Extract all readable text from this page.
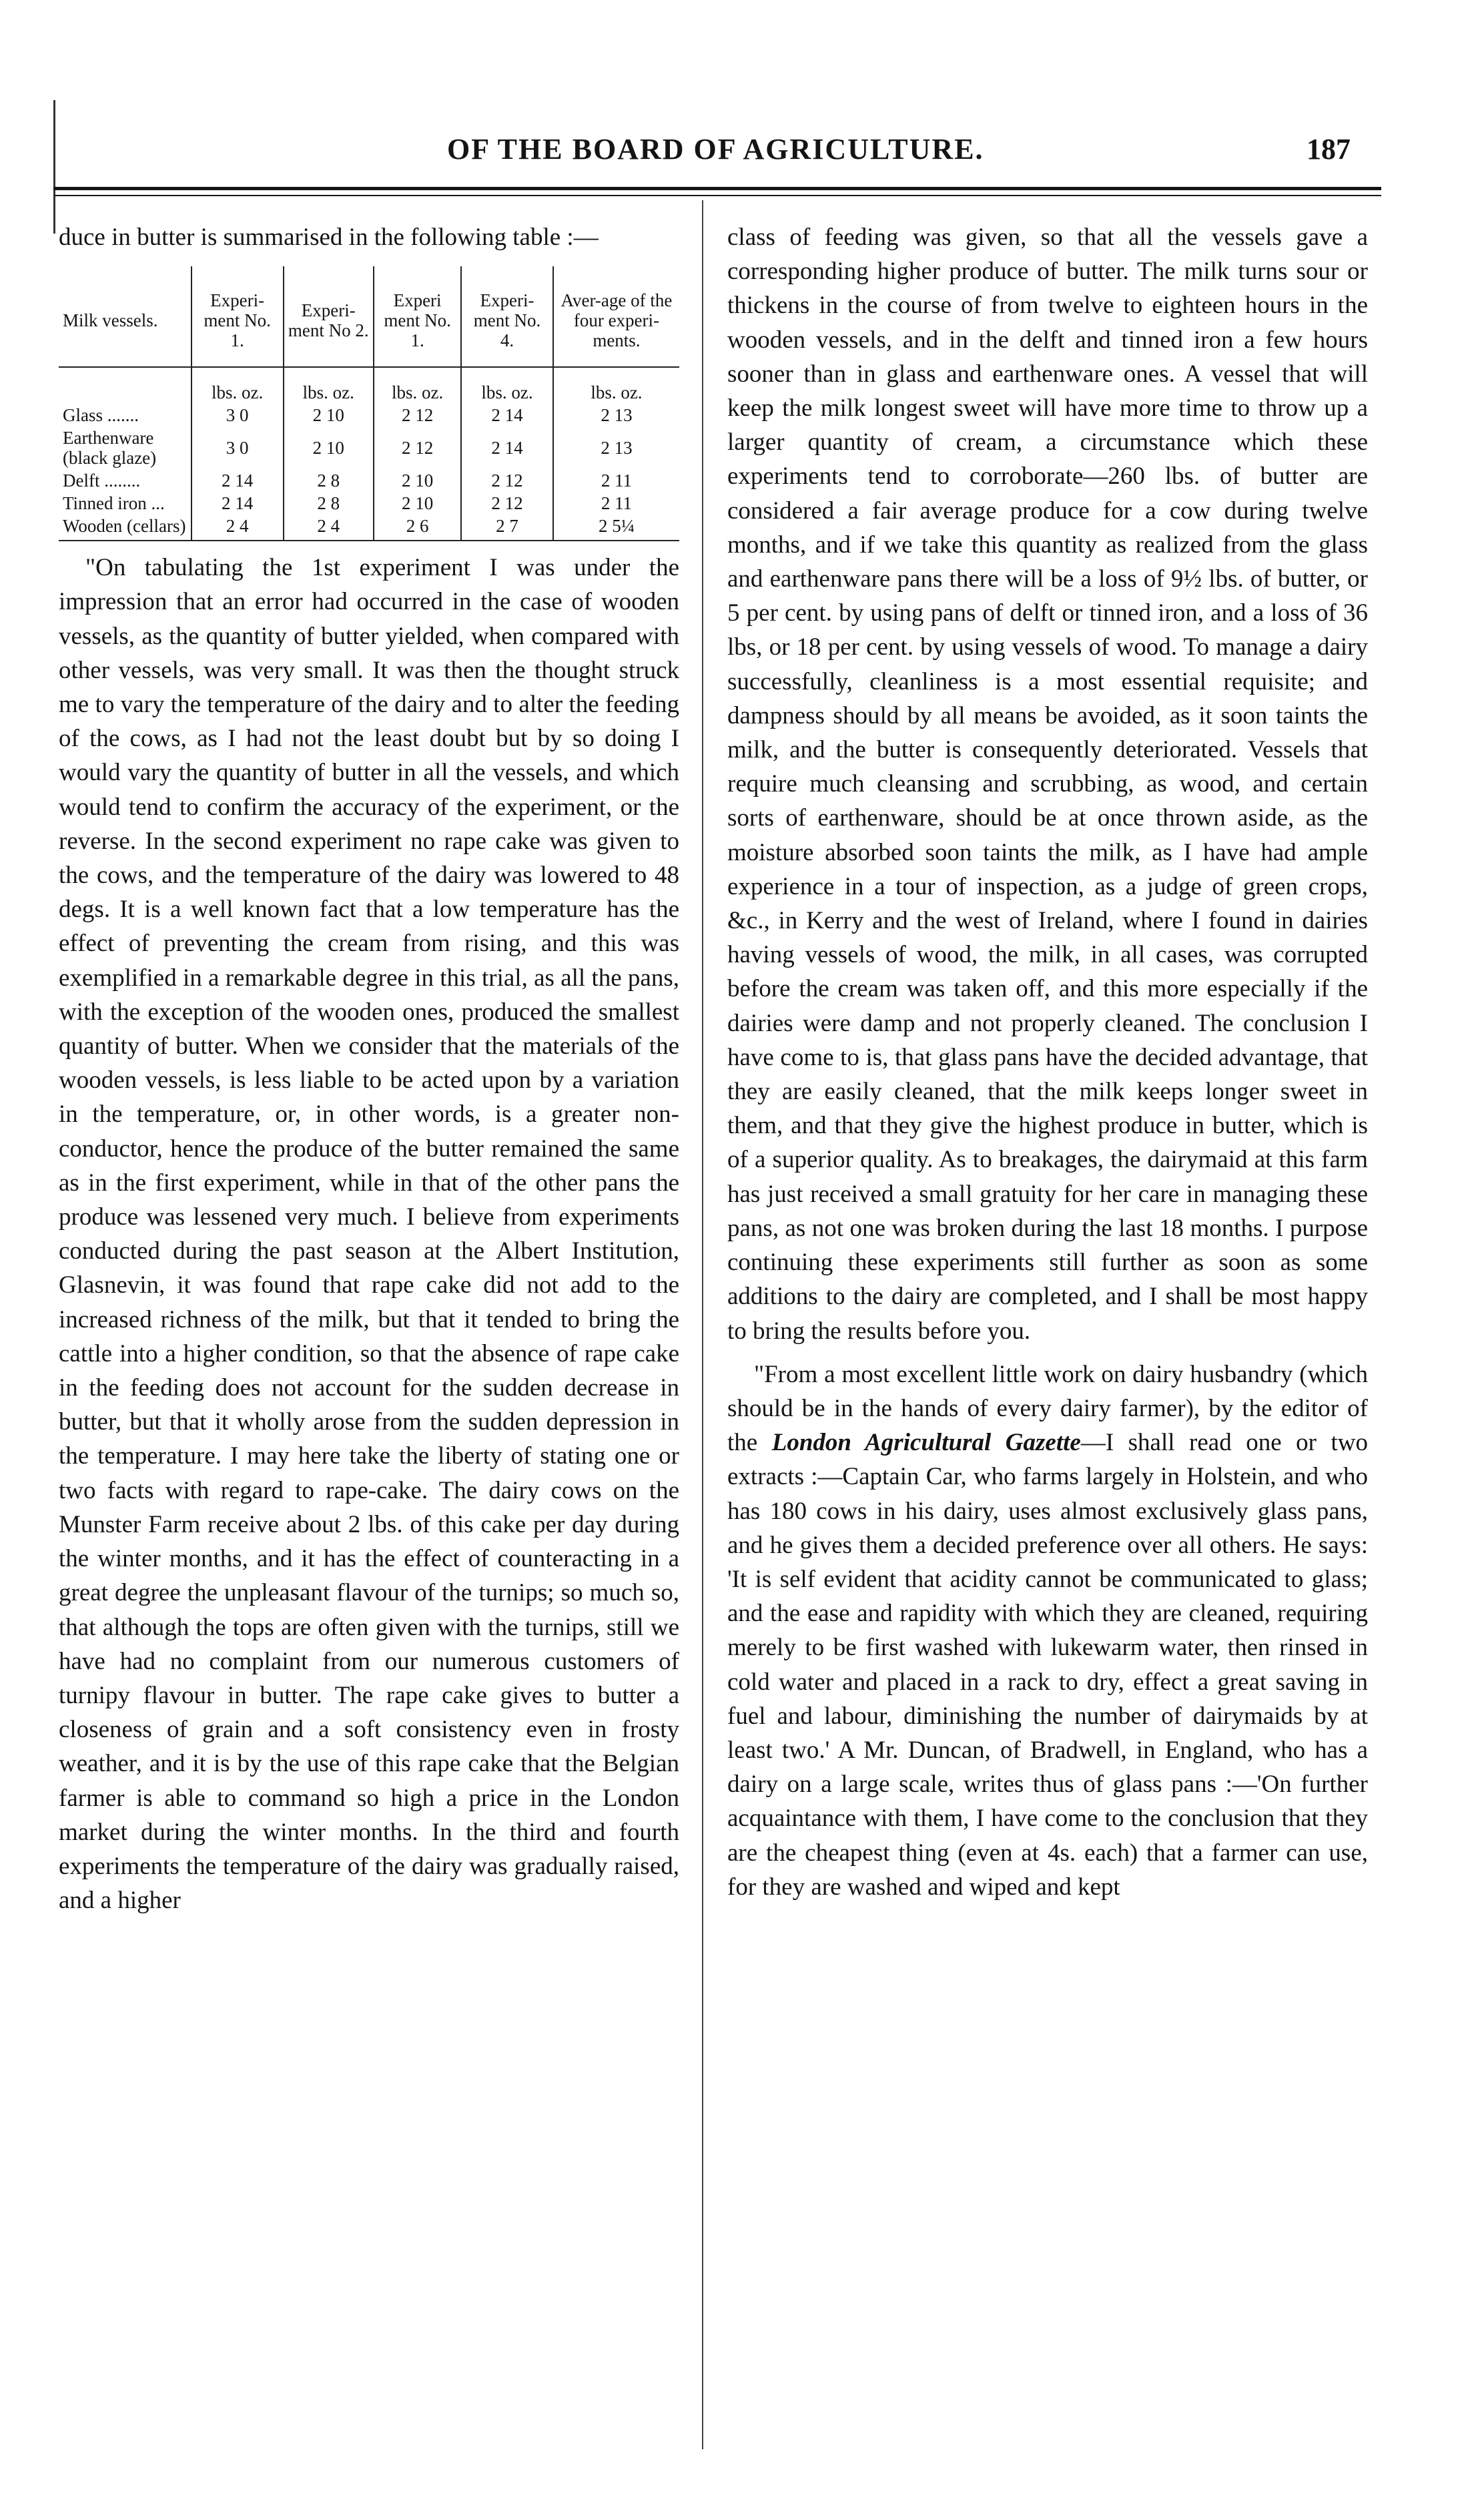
OF THE BOARD OF AGRICULTURE.	187

duce in butter is summarised in the following table :—

Milk vessels.	Experi-ment No. 1.	Experi-ment No 2.	Experi ment No. 1.	Experi-ment No. 4.	Aver-age of the four experi-ments.
	lbs. oz.	lbs. oz.	lbs. oz.	lbs. oz.	lbs. oz.
Glass .......	3 0	2 10	2 12	2 14	2 13
Earthenware (black glaze)	3 0	2 10	2 12	2 14	2 13
Delft ........	2 14	2 8	2 10	2 12	2 11
Tinned iron ...	2 14	2 8	2 10	2 12	2 11
Wooden (cellars)	2 4	2 4	2 6	2 7	2 5¼

"On tabulating the 1st experiment I was under the impression that an error had occurred in the case of wooden vessels, as the quantity of butter yielded, when compared with other vessels, was very small. It was then the thought struck me to vary the temperature of the dairy and to alter the feeding of the cows, as I had not the least doubt but by so doing I would vary the quantity of butter in all the vessels, and which would tend to confirm the accuracy of the experiment, or the reverse. In the second experiment no rape cake was given to the cows, and the temperature of the dairy was lowered to 48 degs. It is a well known fact that a low temperature has the effect of preventing the cream from rising, and this was exemplified in a remarkable degree in this trial, as all the pans, with the exception of the wooden ones, produced the smallest quantity of butter. When we consider that the materials of the wooden vessels, is less liable to be acted upon by a variation in the temperature, or, in other words, is a greater non-conductor, hence the produce of the butter remained the same as in the first experiment, while in that of the other pans the produce was lessened very much. I believe from experiments conducted during the past season at the Albert Institution, Glasnevin, it was found that rape cake did not add to the increased richness of the milk, but that it tended to bring the cattle into a higher condition, so that the absence of rape cake in the feeding does not account for the sudden decrease in butter, but that it wholly arose from the sudden depression in the temperature. I may here take the liberty of stating one or two facts with regard to rape-cake. The dairy cows on the Munster Farm receive about 2 lbs. of this cake per day during the winter months, and it has the effect of counteracting in a great degree the unpleasant flavour of the turnips; so much so, that although the tops are often given with the turnips, still we have had no complaint from our numerous customers of turnipy flavour in butter. The rape cake gives to butter a closeness of grain and a soft consistency even in frosty weather, and it is by the use of this rape cake that the Belgian farmer is able to command so high a price in the London market during the winter months. In the third and fourth experiments the temperature of the dairy was gradually raised, and a higher

class of feeding was given, so that all the vessels gave a corresponding higher produce of butter. The milk turns sour or thickens in the course of from twelve to eighteen hours in the wooden vessels, and in the delft and tinned iron a few hours sooner than in glass and earthenware ones. A vessel that will keep the milk longest sweet will have more time to throw up a larger quantity of cream, a circumstance which these experiments tend to corroborate—260 lbs. of butter are considered a fair average produce for a cow during twelve months, and if we take this quantity as realized from the glass and earthenware pans there will be a loss of 9½ lbs. of butter, or 5 per cent. by using pans of delft or tinned iron, and a loss of 36 lbs, or 18 per cent. by using vessels of wood. To manage a dairy successfully, cleanliness is a most essential requisite; and dampness should by all means be avoided, as it soon taints the milk, and the butter is consequently deteriorated. Vessels that require much cleansing and scrubbing, as wood, and certain sorts of earthenware, should be at once thrown aside, as the moisture absorbed soon taints the milk, as I have had ample experience in a tour of inspection, as a judge of green crops, &c., in Kerry and the west of Ireland, where I found in dairies having vessels of wood, the milk, in all cases, was corrupted before the cream was taken off, and this more especially if the dairies were damp and not properly cleaned. The conclusion I have come to is, that glass pans have the decided advantage, that they are easily cleaned, that the milk keeps longer sweet in them, and that they give the highest produce in butter, which is of a superior quality. As to breakages, the dairymaid at this farm has just received a small gratuity for her care in managing these pans, as not one was broken during the last 18 months. I purpose continuing these experiments still further as soon as some additions to the dairy are completed, and I shall be most happy to bring the results before you.

"From a most excellent little work on dairy husbandry (which should be in the hands of every dairy farmer), by the editor of the London Agricultural Gazette—I shall read one or two extracts :—Captain Car, who farms largely in Holstein, and who has 180 cows in his dairy, uses almost exclusively glass pans, and he gives them a decided preference over all others. He says: 'It is self evident that acidity cannot be communicated to glass; and the ease and rapidity with which they are cleaned, requiring merely to be first washed with lukewarm water, then rinsed in cold water and placed in a rack to dry, effect a great saving in fuel and labour, diminishing the number of dairymaids by at least two.' A Mr. Duncan, of Bradwell, in England, who has a dairy on a large scale, writes thus of glass pans :—'On further acquaintance with them, I have come to the conclusion that they are the cheapest thing (even at 4s. each) that a farmer can use, for they are washed and wiped and kept
